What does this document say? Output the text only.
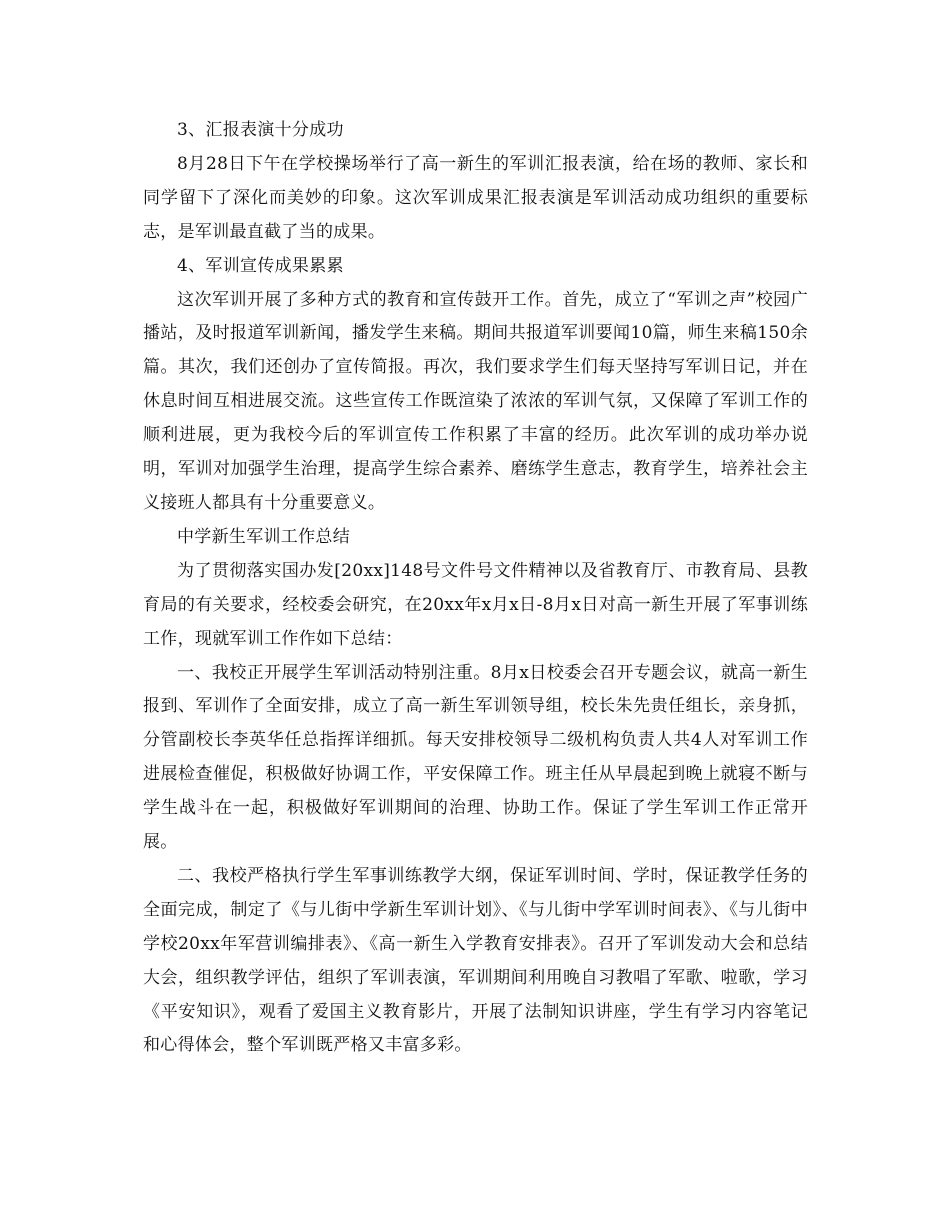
3、汇报表演十分成功

8月28日下午在学校操场举行了高一新生的军训汇报表演，给在场的教师、家长和同学留下了深化而美妙的印象。这次军训成果汇报表演是军训活动成功组织的重要标志，是军训最直截了当的成果。

4、军训宣传成果累累

这次军训开展了多种方式的教育和宣传鼓开工作。首先，成立了“军训之声”校园广播站，及时报道军训新闻，播发学生来稿。期间共报道军训要闻10篇，师生来稿150余篇。其次，我们还创办了宣传简报。再次，我们要求学生们每天坚持写军训日记，并在休息时间互相进展交流。这些宣传工作既渲染了浓浓的军训气氛，又保障了军训工作的顺利进展，更为我校今后的军训宣传工作积累了丰富的经历。此次军训的成功举办说明，军训对加强学生治理，提高学生综合素养、磨练学生意志，教育学生，培养社会主义接班人都具有十分重要意义。

中学新生军训工作总结

为了贯彻落实国办发[20xx]148号文件号文件精神以及省教育厅、市教育局、县教育局的有关要求，经校委会研究，在20xx年x月x日-8月x日对高一新生开展了军事训练工作，现就军训工作作如下总结：

一、我校正开展学生军训活动特别注重。8月x日校委会召开专题会议，就高一新生报到、军训作了全面安排，成立了高一新生军训领导组，校长朱先贵任组长，亲身抓，分管副校长李英华任总指挥详细抓。每天安排校领导二级机构负责人共4人对军训工作进展检查催促，积极做好协调工作，平安保障工作。班主任从早晨起到晚上就寝不断与学生战斗在一起，积极做好军训期间的治理、协助工作。保证了学生军训工作正常开展。

二、我校严格执行学生军事训练教学大纲，保证军训时间、学时，保证教学任务的全面完成，制定了《与儿街中学新生军训计划》、《与儿街中学军训时间表》、《与儿街中学校20xx年军营训编排表》、《高一新生入学教育安排表》。召开了军训发动大会和总结大会，组织教学评估，组织了军训表演，军训期间利用晚自习教唱了军歌、啦歌，学习《平安知识》，观看了爱国主义教育影片，开展了法制知识讲座，学生有学习内容笔记和心得体会，整个军训既严格又丰富多彩。
